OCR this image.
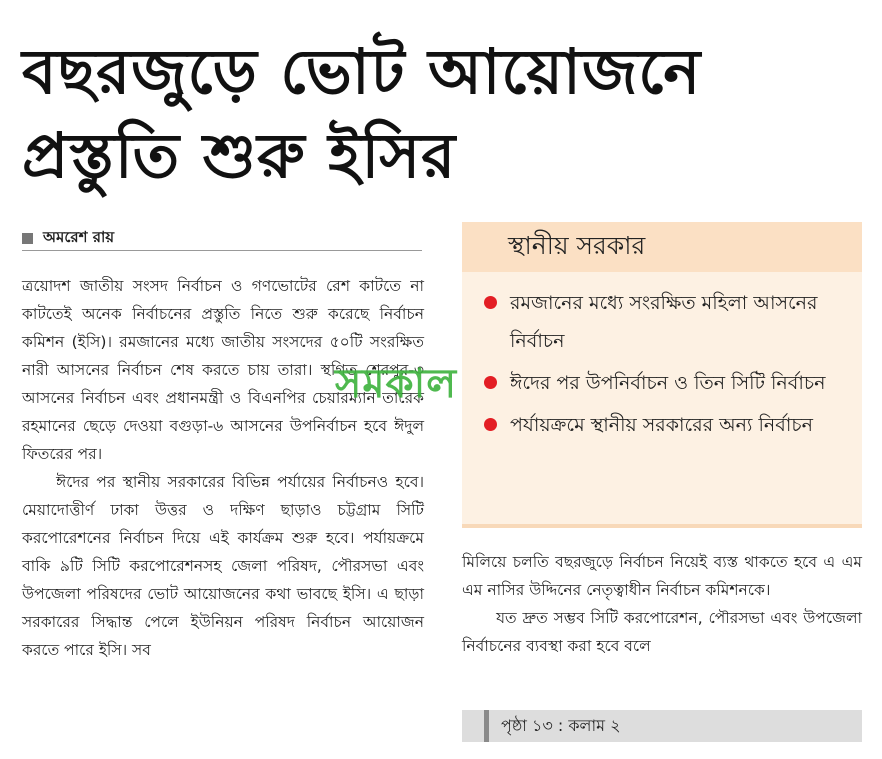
বছরজুড়ে ভোট আয়োজনে
প্রস্তুতি শুরু ইসির
অমরেশ রায়

ত্রয়োদশ জাতীয় সংসদ নির্বাচন ও গণভোটের রেশ কাটতে না কাটতেই অনেক নির্বাচনের প্রস্তুতি নিতে শুরু করেছে নির্বাচন কমিশন (ইসি)। রমজানের মধ্যে জাতীয় সংসদের ৫০টি সংরক্ষিত নারী আসনের নির্বাচন শেষ করতে চায় তারা। স্থগিত শেরপুর-৩ আসনের নির্বাচন এবং প্রধানমন্ত্রী ও বিএনপির চেয়ারম্যান তারেক রহমানের ছেড়ে দেওয়া বগুড়া-৬ আসনের উপনির্বাচন হবে ঈদুল ফিতরের পর।

ঈদের পর স্থানীয় সরকারের বিভিন্ন পর্যায়ের নির্বাচনও হবে। মেয়াদোত্তীর্ণ ঢাকা উত্তর ও দক্ষিণ ছাড়াও চট্টগ্রাম সিটি করপোরেশনের নির্বাচন দিয়ে এই কার্যক্রম শুরু হবে। পর্যায়ক্রমে বাকি ৯টি সিটি করপোরেশনসহ জেলা পরিষদ, পৌরসভা এবং উপজেলা পরিষদের ভোট আয়োজনের কথা ভাবছে ইসি। এ ছাড়া সরকারের সিদ্ধান্ত পেলে ইউনিয়ন পরিষদ নির্বাচন আয়োজন করতে পারে ইসি। সব

স্থানীয় সরকার
রমজানের মধ্যে সংরক্ষিত মহিলা আসনের নির্বাচন
ঈদের পর উপনির্বাচন ও তিন সিটি নির্বাচন
পর্যায়ক্রমে স্থানীয় সরকারের অন্য নির্বাচন

মিলিয়ে চলতি বছরজুড়ে নির্বাচন নিয়েই ব্যস্ত থাকতে হবে এ এম এম নাসির উদ্দিনের নেতৃত্বাধীন নির্বাচন কমিশনকে।

যত দ্রুত সম্ভব সিটি করপোরেশন, পৌরসভা এবং উপজেলা নির্বাচনের ব্যবস্থা করা হবে বলে

পৃষ্ঠা ১৩ : কলাম ২
সমকাল
